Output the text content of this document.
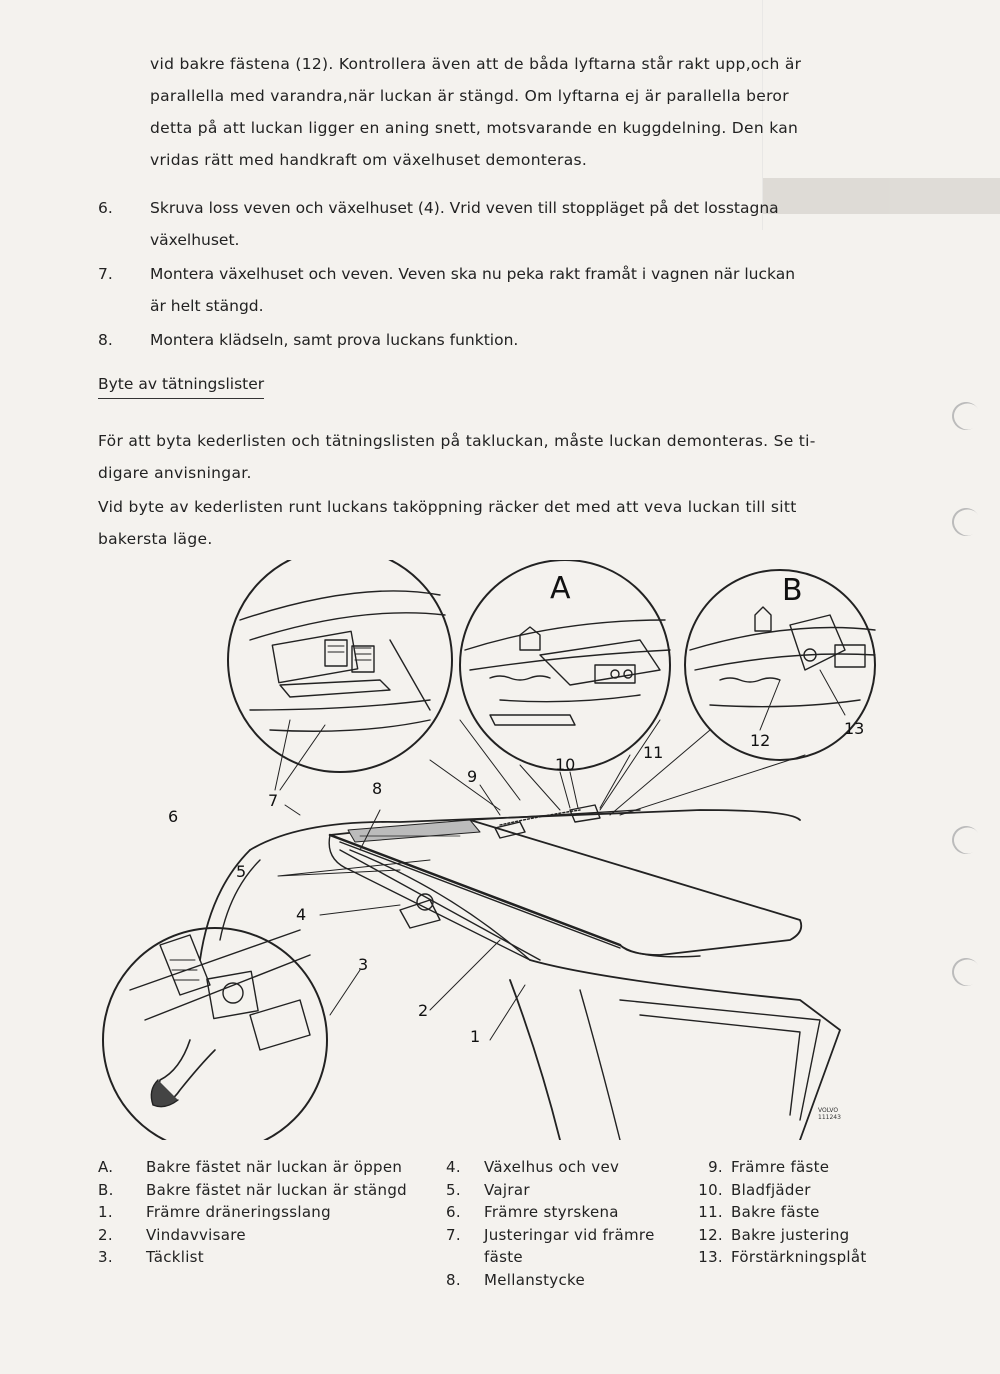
vid bakre fästena (12). Kontrollera även att de båda lyftarna står rakt upp,och är
parallella med varandra,när luckan är stängd. Om lyftarna ej är parallella beror
detta på att luckan ligger en aning snett, motsvarande en kuggdelning. Den kan
vridas rätt med handkraft om växelhuset demonteras.
6. Skruva loss veven och växelhuset (4). Vrid veven till stoppläget på det losstagna
växelhuset.
7. Montera växelhuset och veven. Veven ska nu peka rakt framåt i vagnen när luckan
är helt stängd.
8. Montera klädseln, samt prova luckans funktion.
Byte av tätningslister
För att byta kederlisten och tätningslisten på takluckan, måste luckan demonteras. Se ti-
digare anvisningar.
Vid byte av kederlisten runt luckans taköppning räcker det med att veva luckan till sitt
bakersta läge.
A	B
1
2
3
4
5
6
7
8
9
10
11
12
13
VOLVO
111243
A.	Bakre fästet när luckan är öppen
B.	Bakre fästet när luckan är stängd
1.	Främre dräneringsslang
2.	Vindavvisare
3.	Täcklist
4.	Växelhus och vev
5.	Vajrar
6.	Främre styrskena
7.	Justeringar vid främre
fäste
8.	Mellanstycke
9. Främre fäste
10. Bladfjäder
11. Bakre fäste
12. Bakre justering
13. Förstärkningsplåt
